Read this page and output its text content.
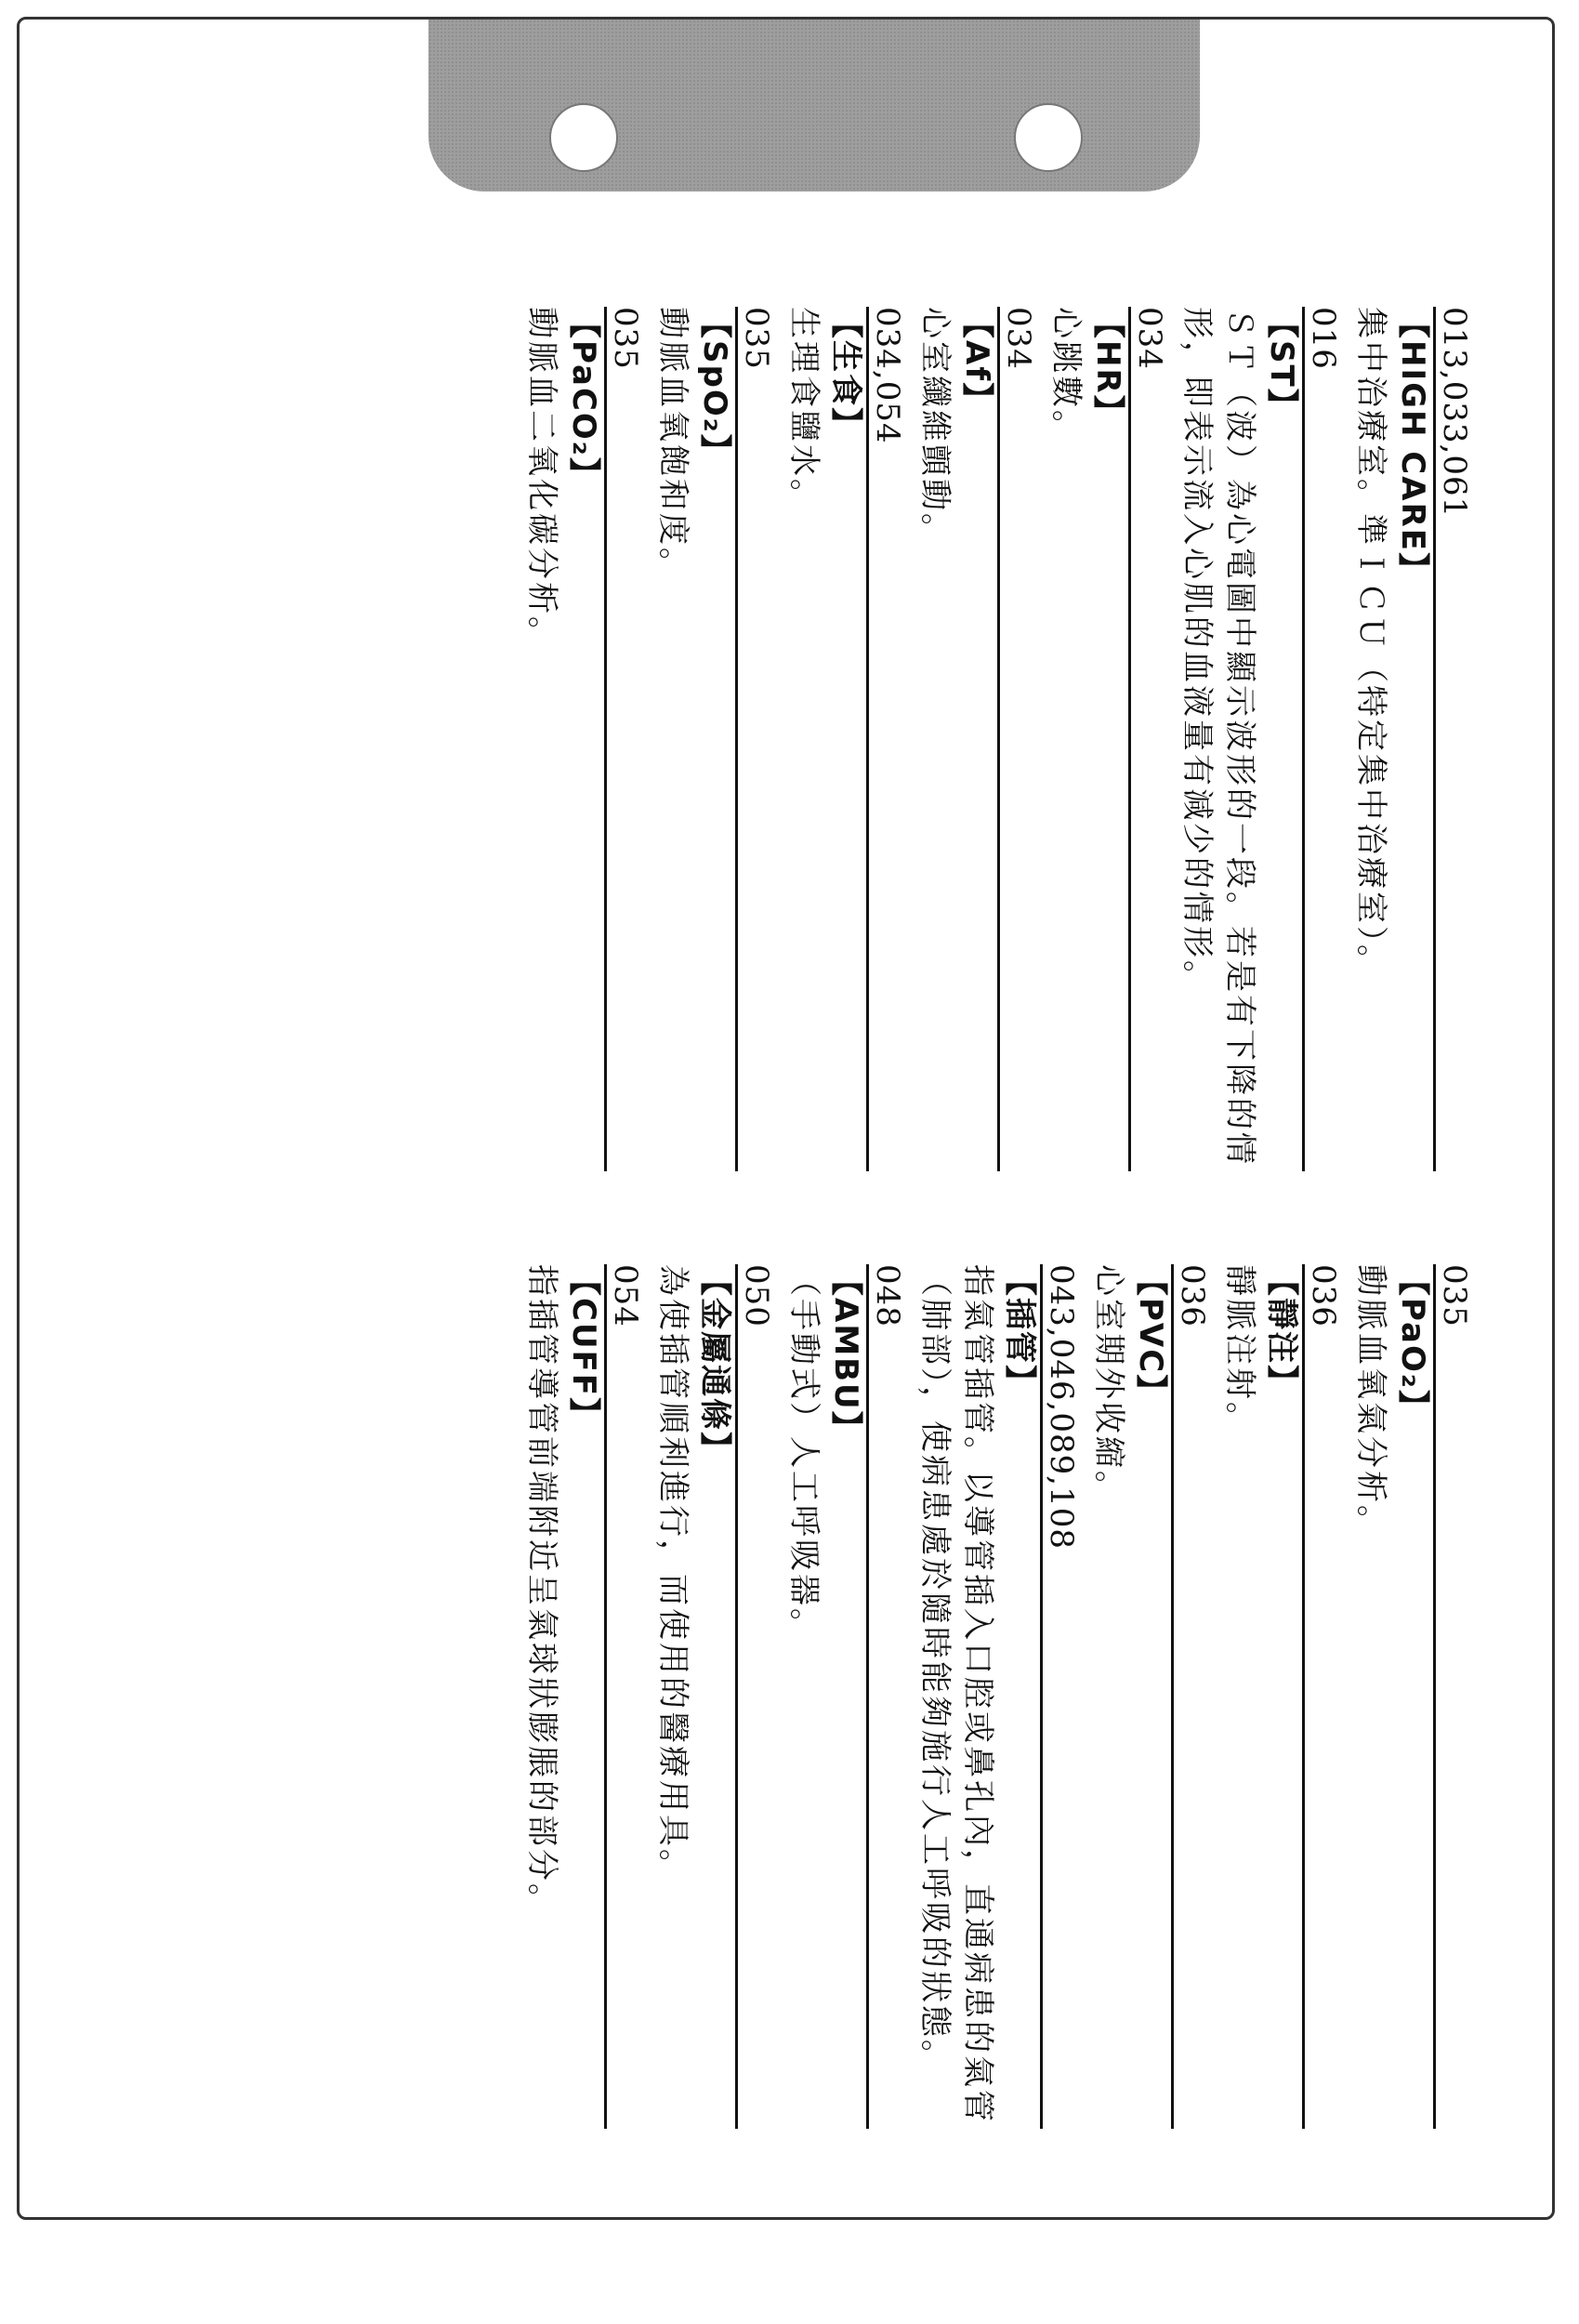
013,033,061
【HIGH CARE】
集中治療室。準ＩＣＵ（特定集中治療室）。
016
【ST】
ＳＴ（波）為心電圖中顯示波形的一段。若是有下降的情形，即表示流入心肌的血液量有減少的情形。
034
【HR】
心跳數。
034
【Af】
心室纖維顫動。
034,054
【生食】
生理食鹽水。
035
【SpO₂】
動脈血氧飽和度。
035
【PaCO₂】
動脈血二氧化碳分析。
035
【PaO₂】
動脈血氧氣分析。
036
【靜注】
靜脈注射。
036
【PVC】
心室期外收縮。
043,046,089,108
【插管】
指氣管插管。以導管插入口腔或鼻孔內，直通病患的氣管（肺部），使病患處於隨時能夠施行人工呼吸的狀態。
048
【AMBU】
（手動式）人工呼吸器。
050
【金屬通條】
為使插管順利進行，而使用的醫療用具。
054
【CUFF】
指插管導管前端附近呈氣球狀膨脹的部分。
